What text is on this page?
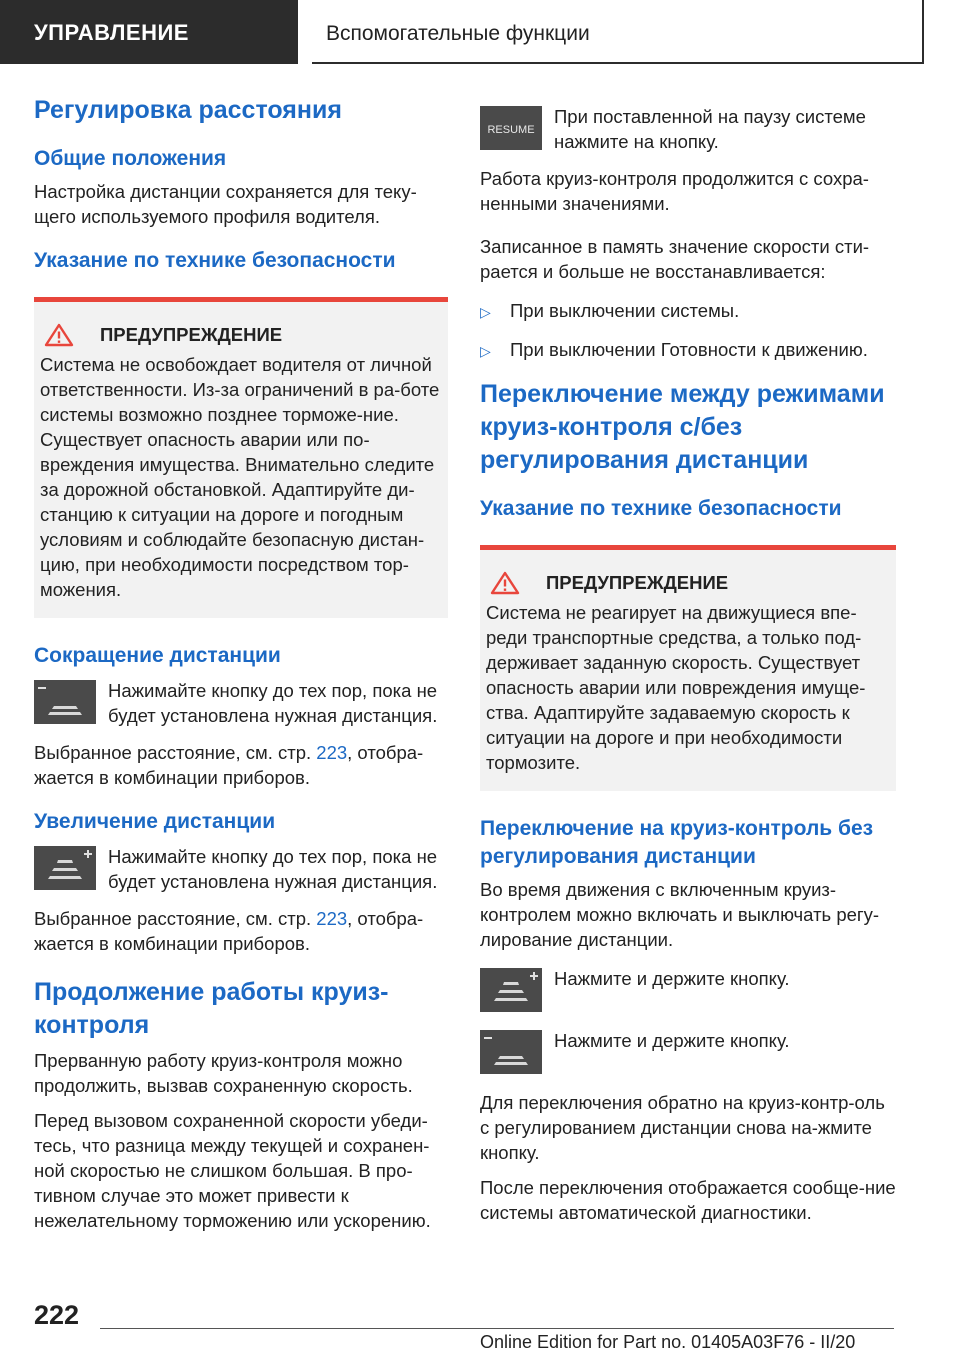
УПРАВЛЕНИЕ	Вспомогательные функции
Регулировка расстояния
Общие положения

Настройка дистанции сохраняется для теку-щего используемого профиля водителя.

Указание по технике безопасности
ПРЕДУПРЕЖДЕНИЕ

Система не освобождает водителя от личной ответственности. Из-за ограничений в ра-боте системы возможно позднее торможе-ние. Существует опасность аварии или по-вреждения имущества. Внимательно следите за дорожной обстановкой. Адаптируйте ди-станцию к ситуации на дороге и погодным условиям и соблюдайте безопасную дистан-цию, при необходимости посредством тор-можения.

Сокращение дистанции

Нажимайте кнопку до тех пор, пока не будет установлена нужная дистанция.

Выбранное расстояние, см. стр. 223, отобра-жается в комбинации приборов.

Увеличение дистанции

Нажимайте кнопку до тех пор, пока не будет установлена нужная дистанция.

Выбранное расстояние, см. стр. 223, отобра-жается в комбинации приборов.

Продолжение работы круиз-контроля

Прерванную работу круиз-контроля можно продолжить, вызвав сохраненную скорость.

Перед вызовом сохраненной скорости убеди-тесь, что разница между текущей и сохранен-ной скоростью не слишком большая. В про-тивном случае это может привести к нежелательному торможению или ускорению.

RESUME

При поставленной на паузу системе нажмите на кнопку.

Работа круиз-контроля продолжится с сохра-ненными значениями.

Записанное в память значение скорости сти-рается и больше не восстанавливается:

▷	При выключении системы.
▷	При выключении Готовности к движению.
Переключение между режимами круиз-контроля с/без регулирования дистанции
Указание по технике безопасности
ПРЕДУПРЕЖДЕНИЕ

Система не реагирует на движущиеся впе-реди транспортные средства, а только под-держивает заданную скорость. Существует опасность аварии или повреждения имуще-ства. Адаптируйте задаваемую скорость к ситуации на дороге и при необходимости тормозите.

Переключение на круиз-контроль без регулирования дистанции

Во время движения с включенным круиз-контролем можно включать и выключать регу-лирование дистанции.

Нажмите и держите кнопку.

Нажмите и держите кнопку.

Для переключения обратно на круиз-контр-оль с регулированием дистанции снова на-жмите кнопку.

После переключения отображается сообще-ние системы автоматической диагностики.

222
Online Edition for Part no. 01405A03F76 - II/20
